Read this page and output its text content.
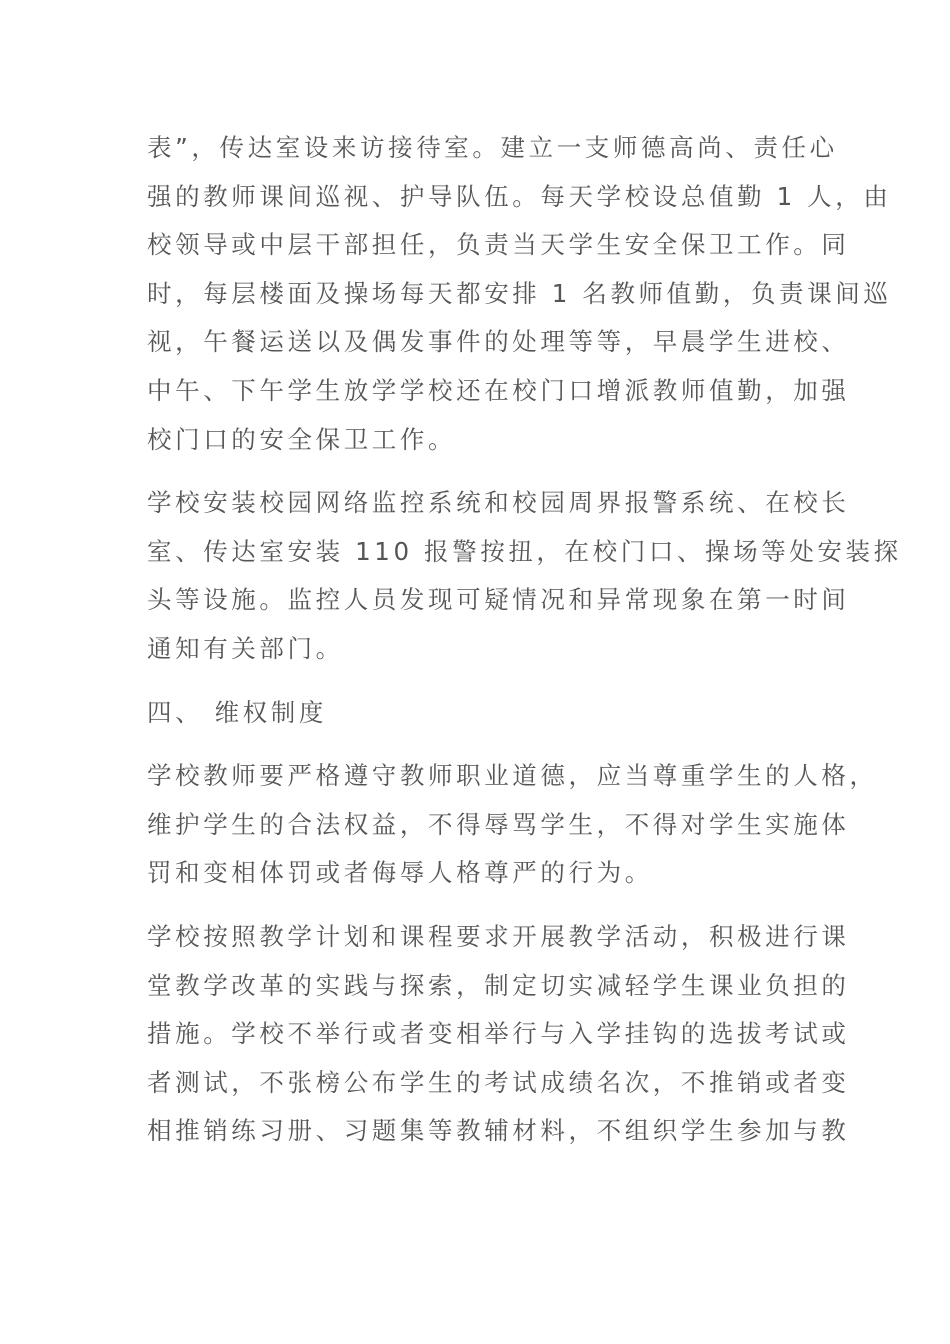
表”，传达室设来访接待室。建立一支师德高尚、责任心
强的教师课间巡视、护导队伍。每天学校设总值勤 1 人，由
校领导或中层干部担任，负责当天学生安全保卫工作。同
时，每层楼面及操场每天都安排 1 名教师值勤，负责课间巡
视，午餐运送以及偶发事件的处理等等，早晨学生进校、
中午、下午学生放学学校还在校门口增派教师值勤，加强
校门口的安全保卫工作。

学校安装校园网络监控系统和校园周界报警系统、在校长
室、传达室安装 110 报警按扭，在校门口、操场等处安装探
头等设施。监控人员发现可疑情况和异常现象在第一时间
通知有关部门。

四、 维权制度

学校教师要严格遵守教师职业道德，应当尊重学生的人格，
维护学生的合法权益，不得辱骂学生，不得对学生实施体
罚和变相体罚或者侮辱人格尊严的行为。

学校按照教学计划和课程要求开展教学活动，积极进行课
堂教学改革的实践与探索，制定切实减轻学生课业负担的
措施。学校不举行或者变相举行与入学挂钩的选拔考试或
者测试，不张榜公布学生的考试成绩名次，不推销或者变
相推销练习册、习题集等教辅材料，不组织学生参加与教
